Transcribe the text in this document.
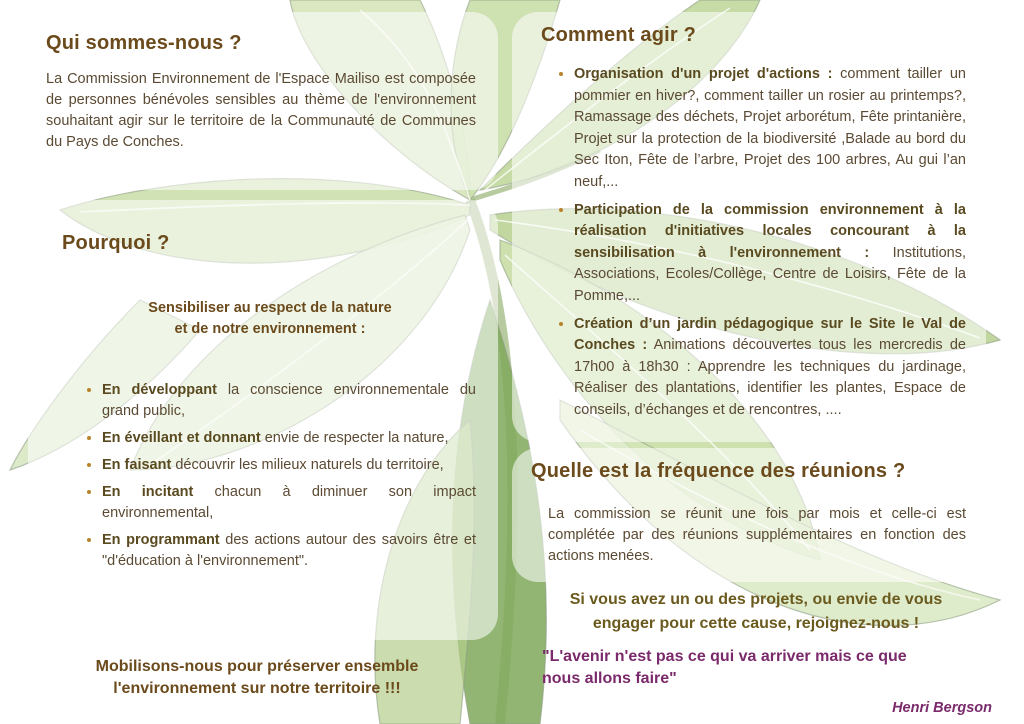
Qui sommes-nous ?
La Commission Environnement de l'Espace Mailiso est composée de personnes bénévoles sensibles au thème de l'environnement souhaitant agir sur le territoire de la Communauté de Communes du Pays de Conches.
Pourquoi ?
Sensibiliser au respect de la nature
et de notre environnement :
• En développant la conscience environnementale du grand public,
• En éveillant et donnant envie de respecter la nature,
• En faisant découvrir les milieux naturels du territoire,
• En incitant chacun à diminuer son impact environnemental,
• En programmant des actions autour des savoirs être et "d'éducation à l'environnement".
Mobilisons-nous pour préserver ensemble
l'environnement sur notre territoire !!!
Comment agir ?
• Organisation d'un projet d'actions : comment tailler un pommier en hiver?, comment tailler un rosier au printemps?, Ramassage des déchets, Projet arborétum, Fête printanière, Projet sur la protection de la biodiversité ,Balade au bord du Sec Iton, Fête de l’arbre, Projet des 100 arbres, Au gui l’an neuf,...
• Participation de la commission environnement à la réalisation d'initiatives locales concourant à la sensibilisation à l'environnement : Institutions, Associations, Ecoles/Collège, Centre de Loisirs, Fête de la Pomme,...
• Création d’un jardin pédagogique sur le Site le Val de Conches : Animations découvertes tous les mercredis de 17h00 à 18h30 : Apprendre les techniques du jardinage, Réaliser des plantations, identifier les plantes, Espace de conseils, d’échanges et de rencontres, ....
Quelle est la fréquence des réunions ?
La commission se réunit une fois par mois et celle-ci est complétée par des réunions supplémentaires en fonction des actions menées.
Si vous avez un ou des projets, ou envie de vous
engager pour cette cause, rejoignez-nous !
"L'avenir n'est pas ce qui va arriver mais ce que
nous allons faire"
Henri Bergson
